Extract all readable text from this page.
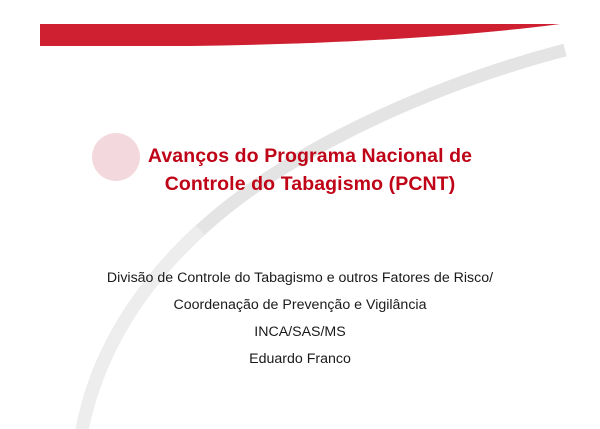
Avanços do Programa Nacional de
Controle do Tabagismo (PCNT)
Divisão de Controle do Tabagismo e outros Fatores de Risco/
Coordenação de Prevenção e Vigilância
INCA/SAS/MS
Eduardo Franco
